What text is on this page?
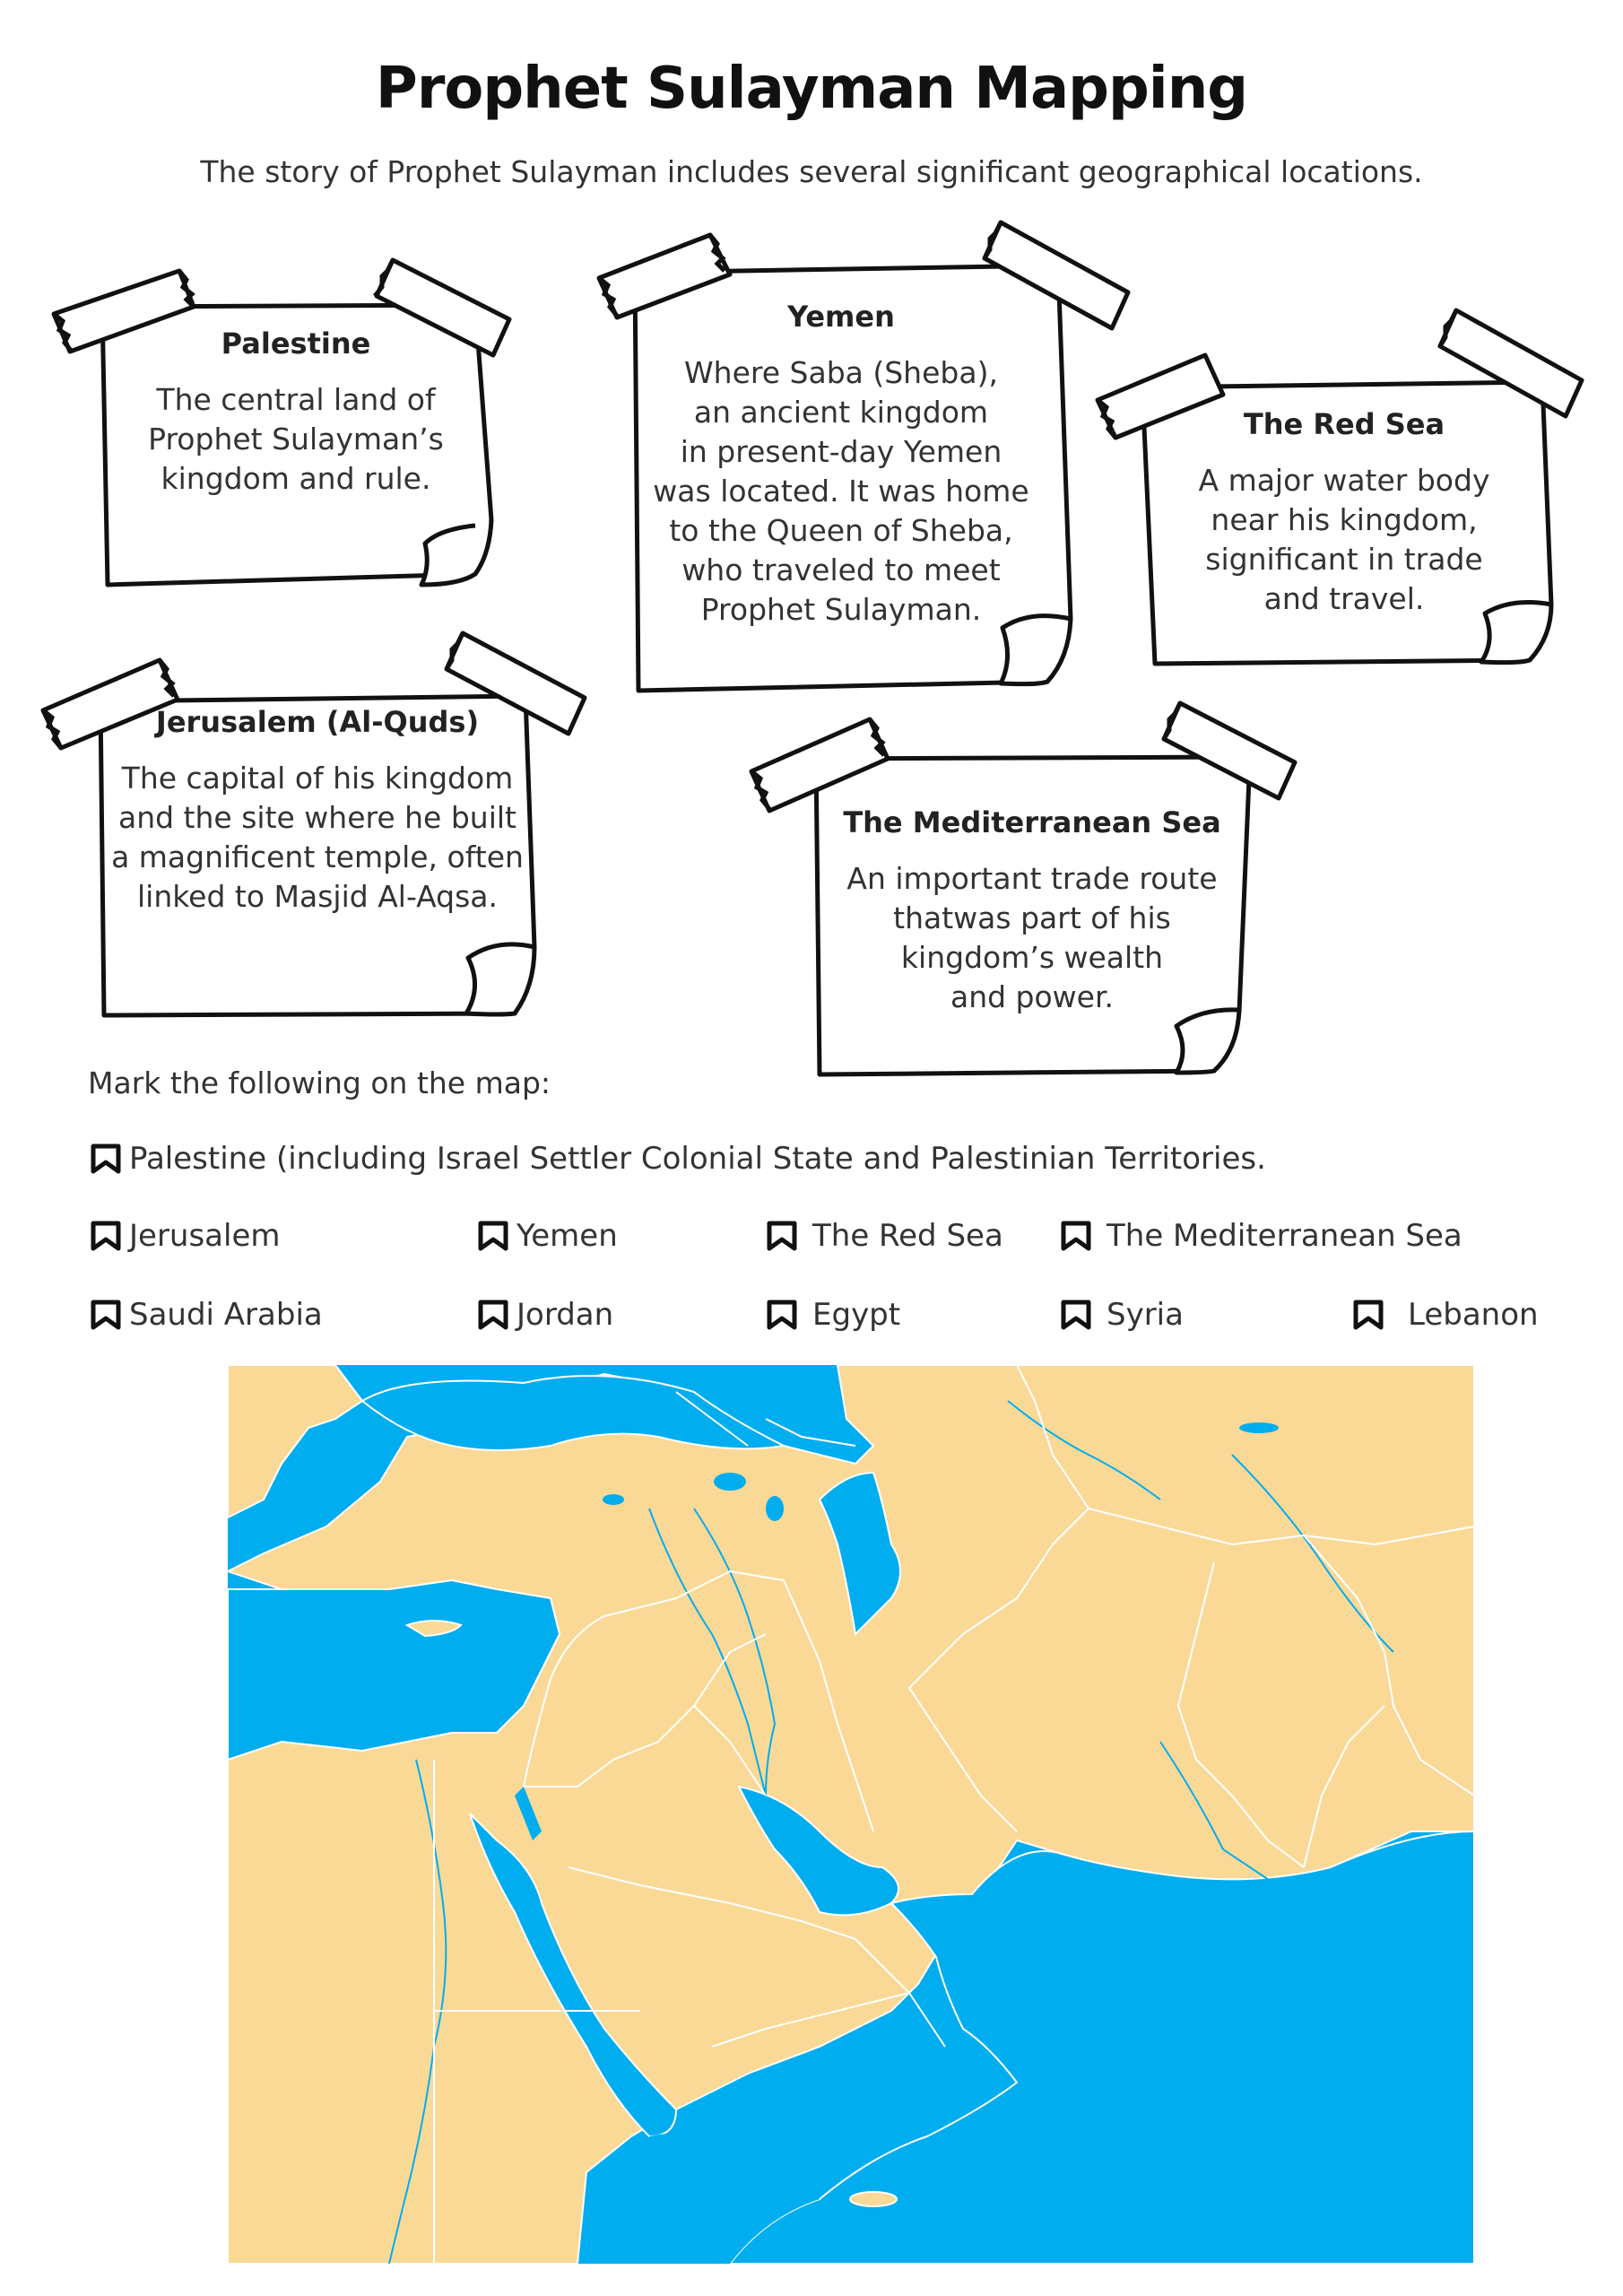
Prophet Sulayman Mapping
The story of Prophet Sulayman includes several significant geographical locations.
Palestine
The central land of
Prophet Sulayman’s
kingdom and rule.
Yemen
Where Saba (Sheba),
an ancient kingdom
in present-day Yemen
was located. It was home
to the Queen of Sheba,
who traveled to meet
Prophet Sulayman.
The Red Sea
A major water body
near his kingdom,
significant in trade
and travel.
Jerusalem (Al-Quds)
The capital of his kingdom
and the site where he built
a magnificent temple, often
linked to Masjid Al-Aqsa.
The Mediterranean Sea
An important trade route
thatwas part of his
kingdom’s wealth
and power.
Mark the following on the map:
Palestine (including Israel Settler Colonial State and Palestinian Territories.
Jerusalem	Yemen	The Red Sea	The Mediterranean Sea
Saudi Arabia	Jordan	Egypt	Syria	Lebanon
